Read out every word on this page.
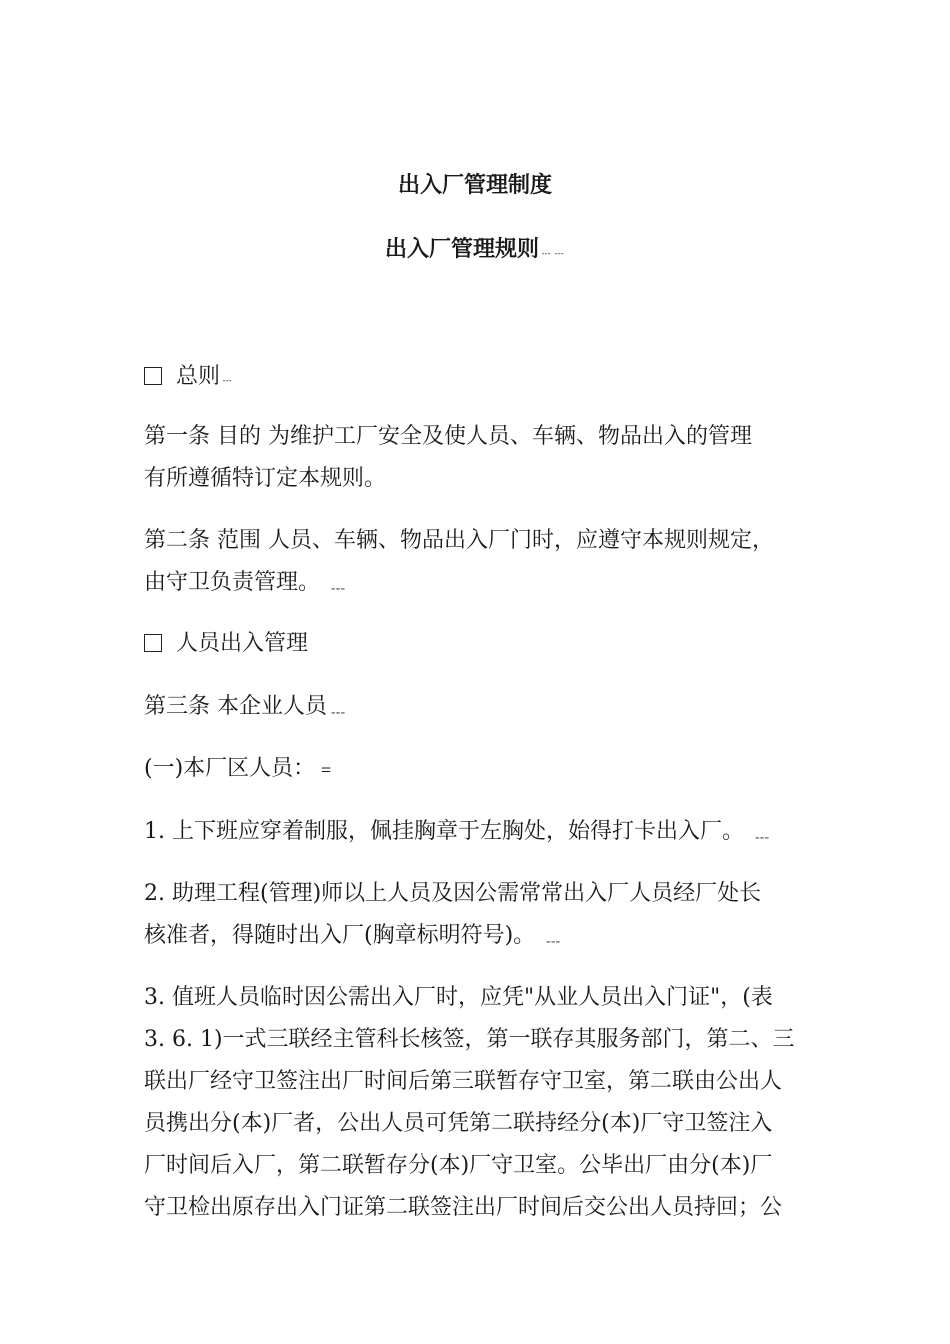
出入厂管理制度
出入厂管理规则﹍﹍
总则﹍
第一条 目的 为维护工厂安全及使人员、车辆、物品出入的管理
有所遵循特订定本规则。
第二条 范围 人员、车辆、物品出入厂门时，应遵守本规则规定，
由守卫负责管理。 ﹍
人员出入管理
第三条 本企业人员﹍
(一)本厂区人员：﹦
1. 上下班应穿着制服，佩挂胸章于左胸处，始得打卡出入厂。 ﹍
2. 助理工程(管理)师以上人员及因公需常常出入厂人员经厂处长
核准者，得随时出入厂(胸章标明符号)。 ﹍
3. 值班人员临时因公需出入厂时，应凭"从业人员出入门证"，(表
3. 6. 1)一式三联经主管科长核签，第一联存其服务部门，第二、三
联出厂经守卫签注出厂时间后第三联暂存守卫室，第二联由公出人
员携出分(本)厂者，公出人员可凭第二联持经分(本)厂守卫签注入
厂时间后入厂，第二联暂存分(本)厂守卫室。公毕出厂由分(本)厂
守卫检出原存出入门证第二联签注出厂时间后交公出人员持回；公
